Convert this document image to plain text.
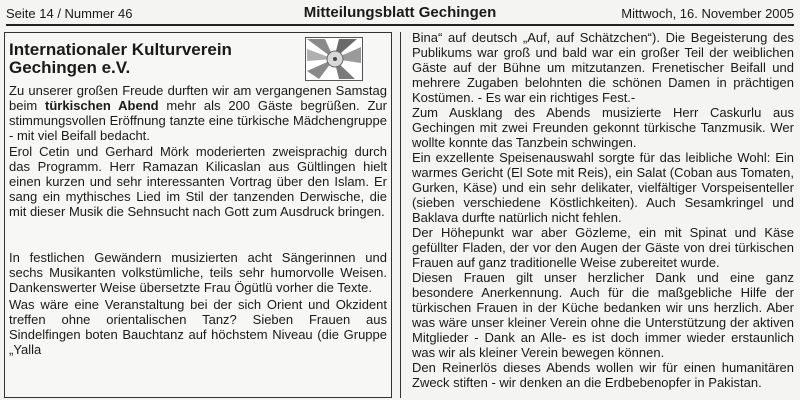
Seite 14 / Nummer 46	Mitteilungsblatt Gechingen	Mittwoch, 16. November 2005
Internationaler Kulturverein
Gechingen e.V.
Zu unserer großen Freude durften wir am vergangenen Samstag beim türkischen Abend mehr als 200 Gäste begrüßen. Zur stimmungsvollen Eröffnung tanzte eine türkische Mädchengruppe - mit viel Beifall bedacht.
Erol Cetin und Gerhard Mörk moderierten zweisprachig durch das Programm. Herr Ramazan Kilicaslan aus Gültlingen hielt einen kurzen und sehr interessanten Vortrag über den Islam. Er sang ein mythisches Lied im Stil der tanzenden Derwische, die mit dieser Musik die Sehnsucht nach Gott zum Ausdruck bringen.
In festlichen Gewändern musizierten acht Sängerinnen und sechs Musikanten volkstümliche, teils sehr humorvolle Weisen. Dankenswerter Weise übersetzte Frau Ögütlü vorher die Texte.
Was wäre eine Veranstaltung bei der sich Orient und Okzident treffen ohne orientalischen Tanz? Sieben Frauen aus Sindelfingen boten Bauchtanz auf höchstem Niveau (die Gruppe „Yalla

Bina“ auf deutsch „Auf, auf Schätzchen“). Die Begeisterung des Publikums war groß und bald war ein großer Teil der weiblichen Gäste auf der Bühne um mitzutanzen. Frenetischer Beifall und mehrere Zugaben belohnten die schönen Damen in prächtigen Kostümen. - Es war ein richtiges Fest.-

Zum Ausklang des Abends musizierte Herr Caskurlu aus Gechingen mit zwei Freunden gekonnt türkische Tanzmusik. Wer wollte konnte das Tanzbein schwingen.

Ein exzellente Speisenauswahl sorgte für das leibliche Wohl: Ein warmes Gericht (El Sote mit Reis), ein Salat (Coban aus Tomaten, Gurken, Käse) und ein sehr delikater, vielfältiger Vorspeisenteller (sieben verschiedene Köstlichkeiten). Auch Sesamkringel und Baklava durfte natürlich nicht fehlen.

Der Höhepunkt war aber Gözleme, ein mit Spinat und Käse gefüllter Fladen, der vor den Augen der Gäste von drei türkischen Frauen auf ganz traditionelle Weise zubereitet wurde.

Diesen Frauen gilt unser herzlicher Dank und eine ganz besondere Anerkennung. Auch für die maßgebliche Hilfe der türkischen Frauen in der Küche bedanken wir uns herzlich. Aber was wäre unser kleiner Verein ohne die Unterstützung der aktiven Mitglieder - Dank an Alle- es ist doch immer wieder erstaunlich was wir als kleiner Verein bewegen können.

Den Reinerlös dieses Abends wollen wir für einen humanitären Zweck stiften - wir denken an die Erdbebenopfer in Pakistan.
